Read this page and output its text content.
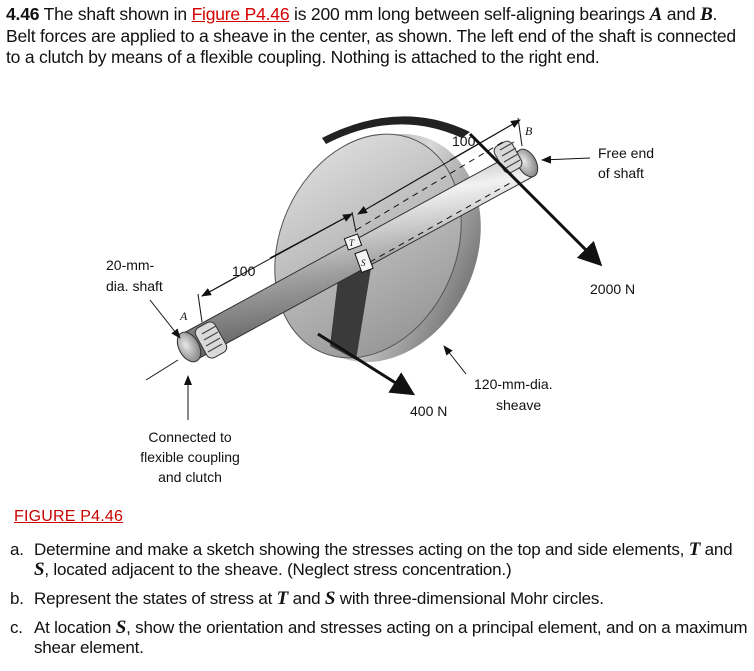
4.46 The shaft shown in Figure P4.46 is 200 mm long between self-aligning bearings A and B. Belt forces are applied to a sheave in the center, as shown. The left end of the shaft is connected to a clutch by means of a flexible coupling. Nothing is attached to the right end.
100
100
B
A
T
S
Free end
of shaft
2000 N
400 N
20-mm-
dia. shaft
120-mm-dia.
sheave
Connected to
flexible coupling
and clutch
FIGURE P4.46
a. Determine and make a sketch showing the stresses acting on the top and side elements, T and S, located adjacent to the sheave. (Neglect stress concentration.)
b. Represent the states of stress at T and S with three-dimensional Mohr circles.
c. At location S, show the orientation and stresses acting on a principal element, and on a maximum shear element.
